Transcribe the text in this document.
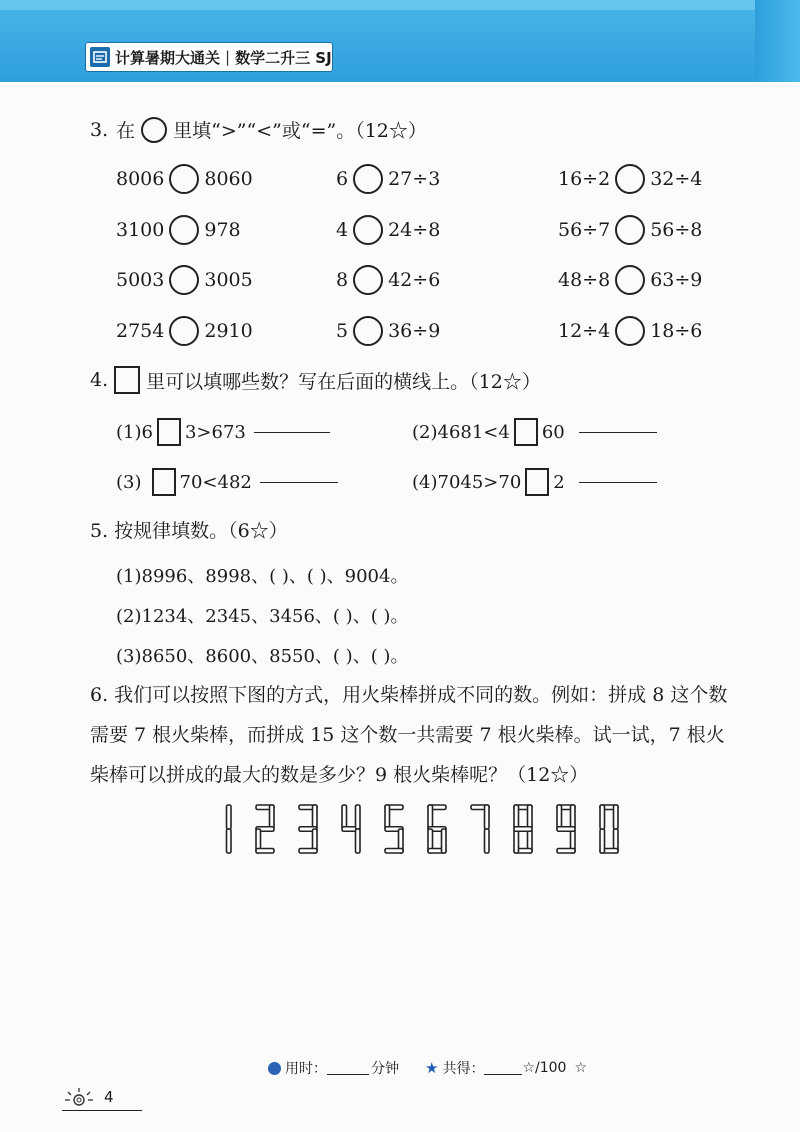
计算暑期大通关 | 数学二升三 SJ
3. 在 里填“>”“<”或“=”。（12☆）
8006 8060	6 27÷3	16÷2 32÷4
3100 978	4 24÷8	56÷7 56÷8
5003 3005	8 42÷6	48÷8 63÷9
2754 2910	5 36÷9	12÷4 18÷6
4. 里可以填哪些数？写在后面的横线上。（12☆）
(1)6 3>673	(2)4681<4 60
(3) 70<482	(4)7045>70 2
5. 按规律填数。（6☆）
(1)8996、8998、( )、( )、9004。
(2)1234、2345、3456、( )、( )。
(3)8650、8600、8550、( )、( )。
6. 我们可以按照下图的方式，用火柴棒拼成不同的数。例如：拼成 8 这个数
需要 7 根火柴棒，而拼成 15 这个数一共需要 7 根火柴棒。试一试，7 根火
柴棒可以拼成的最大的数是多少？9 根火柴棒呢？（12☆）
用时：	分钟 ★ 共得：	☆/100 ☆
4
